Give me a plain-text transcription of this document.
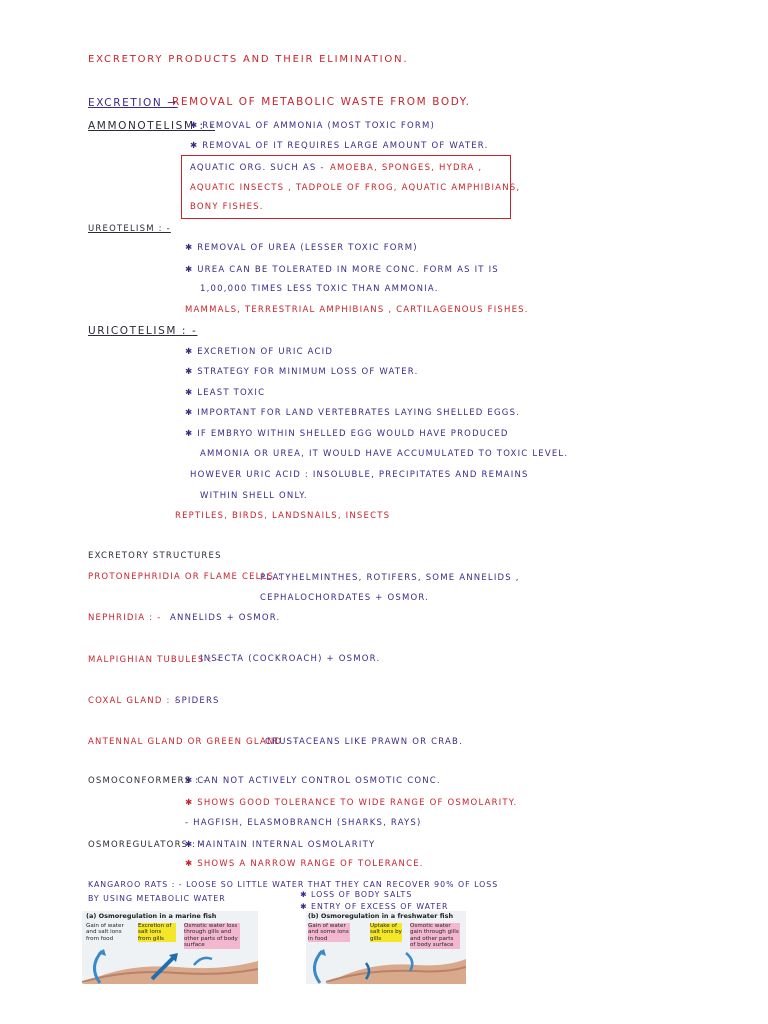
EXCRETORY PRODUCTS AND THEIR ELIMINATION.
EXCRETION →
REMOVAL OF METABOLIC WASTE FROM BODY.
AMMONOTELISM : -
✱ REMOVAL OF AMMONIA (MOST TOXIC FORM)
✱ REMOVAL OF IT REQUIRES LARGE AMOUNT OF WATER.
AQUATIC ORG. SUCH AS - AMOEBA, SPONGES, HYDRA ,
AQUATIC INSECTS , TADPOLE OF FROG, AQUATIC AMPHIBIANS,
BONY FISHES.
UREOTELISM : -
✱ REMOVAL OF UREA (LESSER TOXIC FORM)
✱ UREA CAN BE TOLERATED IN MORE CONC. FORM AS IT IS
1,00,000 TIMES LESS TOXIC THAN AMMONIA.
MAMMALS, TERRESTRIAL AMPHIBIANS , CARTILAGENOUS FISHES.
URICOTELISM : -
✱ EXCRETION OF URIC ACID
✱ STRATEGY FOR MINIMUM LOSS OF WATER.
✱ LEAST TOXIC
✱ IMPORTANT FOR LAND VERTEBRATES LAYING SHELLED EGGS.
✱ IF EMBRYO WITHIN SHELLED EGG WOULD HAVE PRODUCED
AMMONIA OR UREA, IT WOULD HAVE ACCUMULATED TO TOXIC LEVEL.
HOWEVER URIC ACID : INSOLUBLE, PRECIPITATES AND REMAINS
WITHIN SHELL ONLY.
REPTILES, BIRDS, LANDSNAILS, INSECTS
EXCRETORY STRUCTURES
PROTONEPHRIDIA OR FLAME CELLS : -
PLATYHELMINTHES, ROTIFERS, SOME ANNELIDS ,
CEPHALOCHORDATES + OSMOR.
NEPHRIDIA : - ANNELIDS + OSMOR.
MALPIGHIAN TUBULES : -
INSECTA (COCKROACH) + OSMOR.
COXAL GLAND : -
SPIDERS
ANTENNAL GLAND OR GREEN GLAND : -
CRUSTACEANS LIKE PRAWN OR CRAB.
OSMOCONFORMERS : -
✱ CAN NOT ACTIVELY CONTROL OSMOTIC CONC.
✱ SHOWS GOOD TOLERANCE TO WIDE RANGE OF OSMOLARITY.
- HAGFISH, ELASMOBRANCH (SHARKS, RAYS)
OSMOREGULATORS : -
✱ MAINTAIN INTERNAL OSMOLARITY
✱ SHOWS A NARROW RANGE OF TOLERANCE.
KANGAROO RATS : - LOOSE SO LITTLE WATER THAT THEY CAN RECOVER 90% OF LOSS
BY USING METABOLIC WATER	✱ LOSS OF BODY SALTS
✱ ENTRY OF EXCESS OF WATER
(a) Osmoregulation in a marine fish
Gain of water and salt ions from food
Excretion of salt ions from gills
Osmotic water loss through gills and other parts of body surface
(b) Osmoregulation in a freshwater fish
Gain of water and some ions in food
Uptake of salt ions by gills
Osmotic water gain through gills and other parts of body surface
